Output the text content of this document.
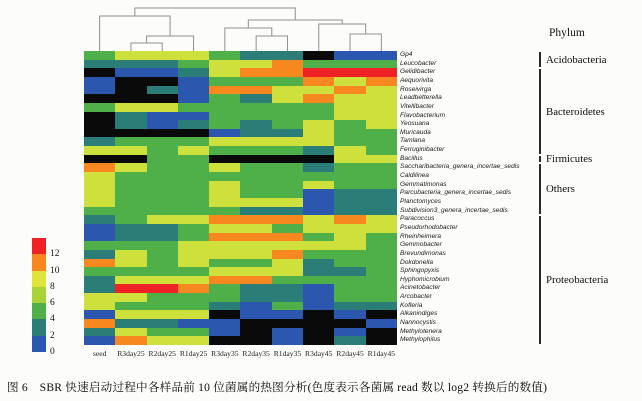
Gp4
Leucobacter
Gelidibacter
Aequorivita
Roseivirga
Leadbetterella
Vitellibacter
Flavobacterium
Yeosuana
Muricauda
Tamlana
Ferruginibacter
Bacillus
Saccharibacteria_genera_incertae_sedis
Caldilinea
Gemmatimonas
Parcubacteria_genera_incertae_sedis
Planctomyces
Subdivision3_genera_incertae_sedis
Paracoccus
Pseudorhodobacter
Rheinheimera
Gemmobacter
Brevundimonas
Dokdonella
Sphingopyxis
Hyphomicrobium
Acinetobacter
Arcobacter
Kofleria
Alkanindiges
Nannocystis
Methylotenera
Methylophilus
seed	R3day25 R2day25 R1day25 R3day35 R2day35 R1day35 R3day45 R2day45 R1day45
Phylum
Acidobacteria
Bacteroidetes
Firmicutes
Others
Proteobacteria
12
10
8
6
4
2
0
图 6　SBR 快速启动过程中各样品前 10 位菌属的热图分析(色度表示各菌属 read 数以 log2 转换后的数值)
